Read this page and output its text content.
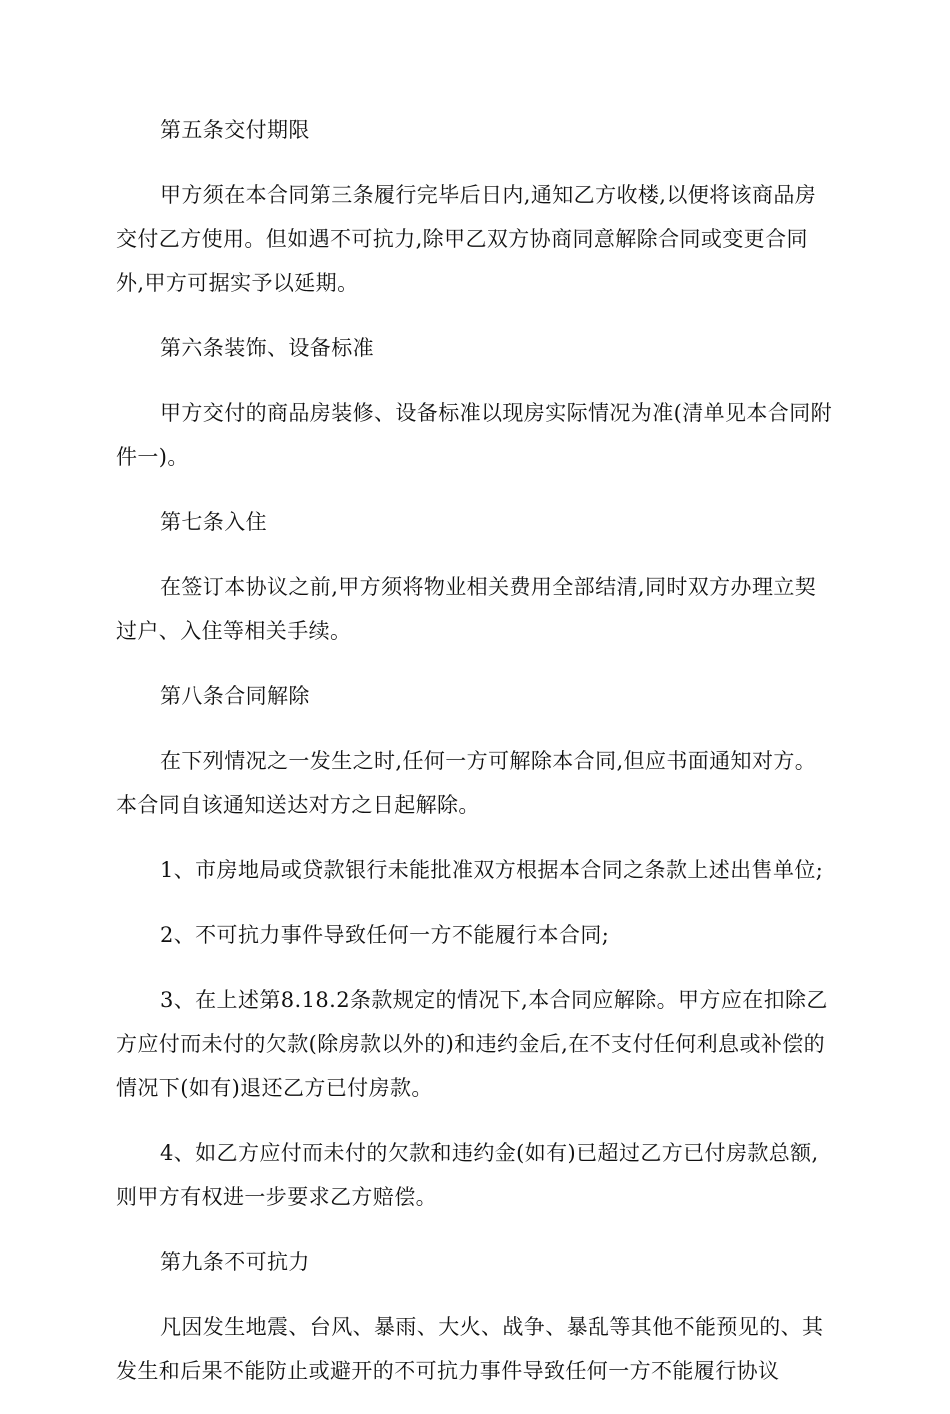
第五条交付期限

甲方须在本合同第三条履行完毕后日内,通知乙方收楼,以便将该商品房交付乙方使用。但如遇不可抗力,除甲乙双方协商同意解除合同或变更合同外,甲方可据实予以延期。

第六条装饰、设备标准

甲方交付的商品房装修、设备标准以现房实际情况为准(清单见本合同附件一)。

第七条入住

在签订本协议之前,甲方须将物业相关费用全部结清,同时双方办理立契过户、入住等相关手续。

第八条合同解除

在下列情况之一发生之时,任何一方可解除本合同,但应书面通知对方。本合同自该通知送达对方之日起解除。

1、市房地局或贷款银行未能批准双方根据本合同之条款上述出售单位;

2、不可抗力事件导致任何一方不能履行本合同;

3、在上述第8.18.2条款规定的情况下,本合同应解除。甲方应在扣除乙方应付而未付的欠款(除房款以外的)和违约金后,在不支付任何利息或补偿的情况下(如有)退还乙方已付房款。

4、如乙方应付而未付的欠款和违约金(如有)已超过乙方已付房款总额,则甲方有权进一步要求乙方赔偿。

第九条不可抗力

凡因发生地震、台风、暴雨、大火、战争、暴乱等其他不能预见的、其发生和后果不能防止或避开的不可抗力事件导致任何一方不能履行协议
